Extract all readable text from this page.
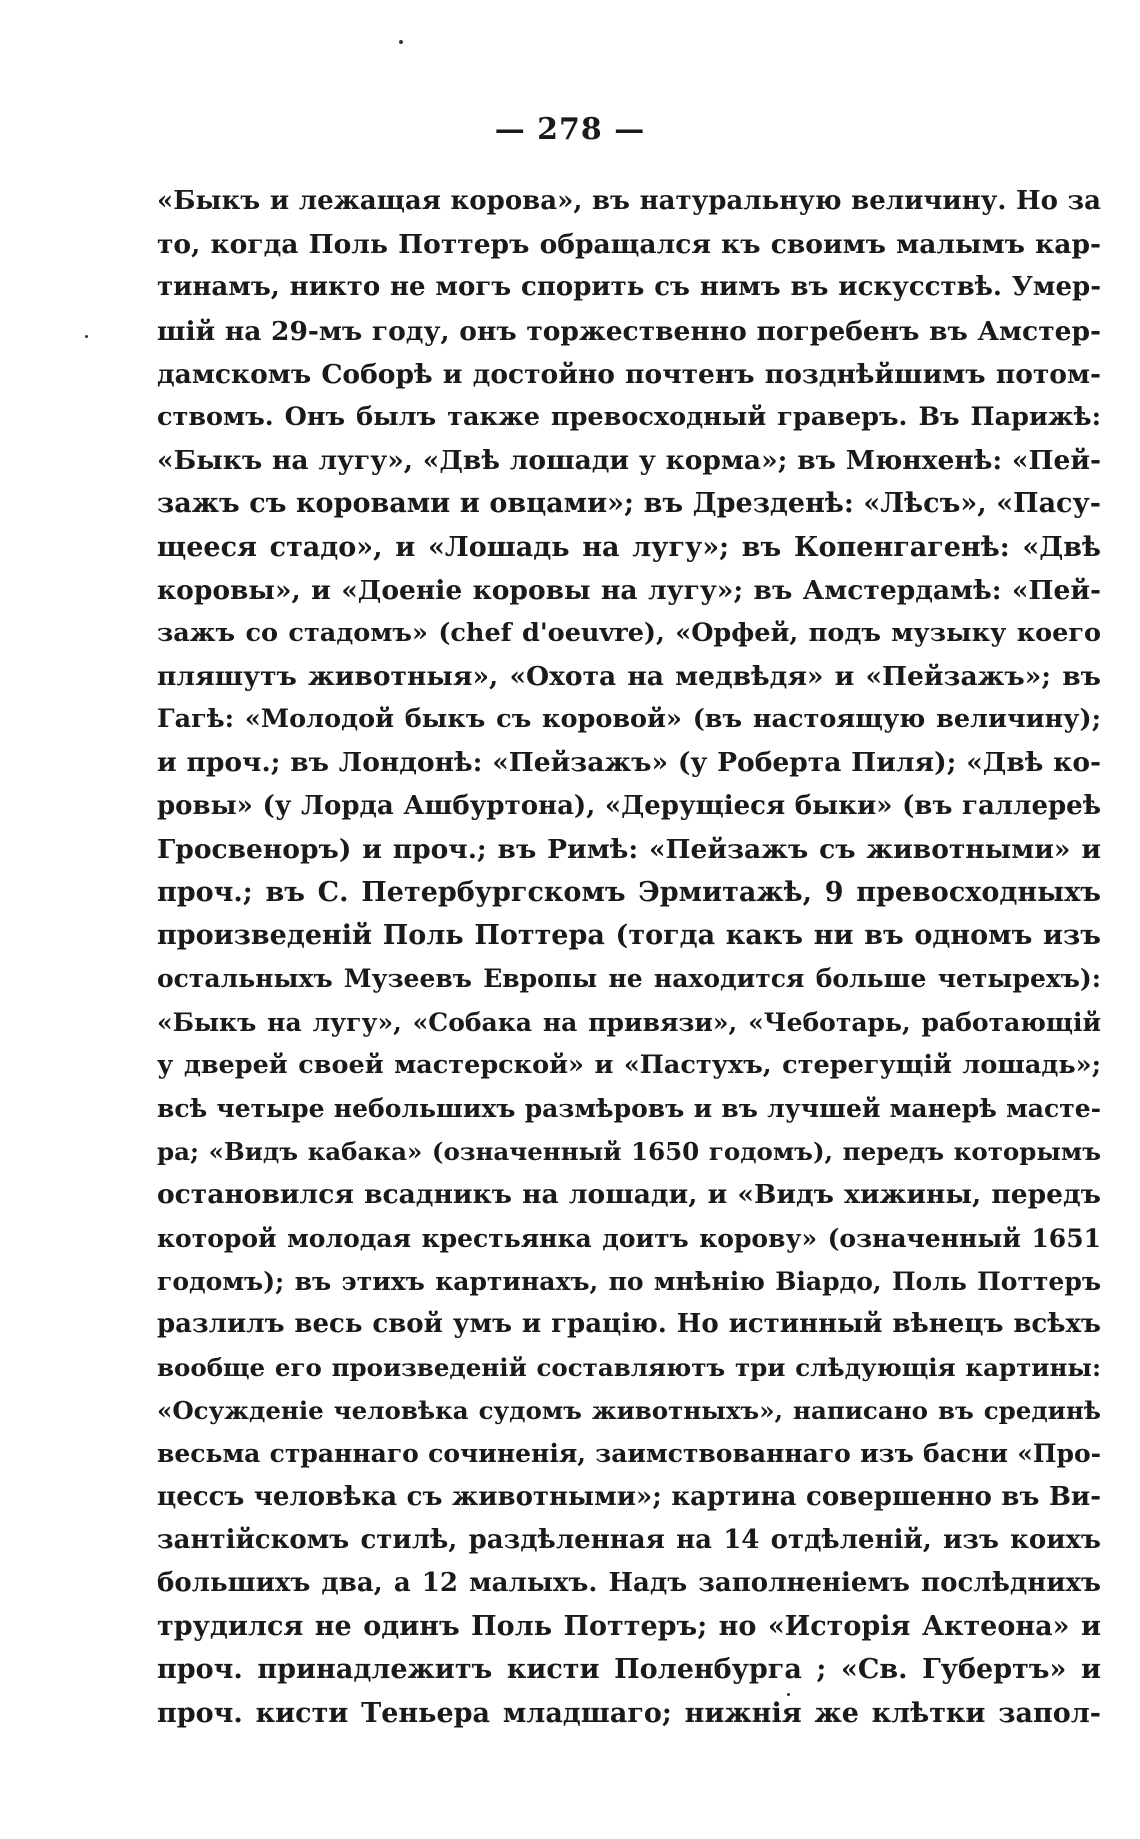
— 278 —
«Быкъ и лежащая корова», въ натуральную величину. Но за
то, когда Поль Поттеръ обращался къ своимъ малымъ кар-
тинамъ, никто не могъ спорить съ нимъ въ искусствѣ. Умер-
шій на 29-мъ году, онъ торжественно погребенъ въ Амстер-
дамскомъ Соборѣ и достойно почтенъ позднѣйшимъ потом-
ствомъ. Онъ былъ также превосходный граверъ. Въ Парижѣ:
«Быкъ на лугу», «Двѣ лошади у корма»; въ Мюнхенѣ: «Пей-
зажъ съ коровами и овцами»; въ Дрезденѣ: «Лѣсъ», «Пасу-
щееся стадо», и «Лошадь на лугу»; въ Копенгагенѣ: «Двѣ
коровы», и «Доеніе коровы на лугу»; въ Амстердамѣ: «Пей-
зажъ со стадомъ» (chef d'oeuvre), «Орфей, подъ музыку коего
пляшутъ животныя», «Охота на медвѣдя» и «Пейзажъ»; въ
Гагѣ: «Молодой быкъ съ коровой» (въ настоящую величину);
и проч.; въ Лондонѣ: «Пейзажъ» (у Роберта Пиля); «Двѣ ко-
ровы» (у Лорда Ашбуртона), «Дерущіеся быки» (въ галлереѣ
Гросвеноръ) и проч.; въ Римѣ: «Пейзажъ съ животными» и
проч.; въ С. Петербургскомъ Эрмитажѣ, 9 превосходныхъ
произведеній Поль Поттера (тогда какъ ни въ одномъ изъ
остальныхъ Музеевъ Европы не находится больше четырехъ):
«Быкъ на лугу», «Собака на привязи», «Чеботарь, работающій
у дверей своей мастерской» и «Пастухъ, стерегущій лошадь»;
всѣ четыре небольшихъ размѣровъ и въ лучшей манерѣ масте-
ра; «Видъ кабака» (означенный 1650 годомъ), передъ которымъ
остановился всадникъ на лошади, и «Видъ хижины, передъ
которой молодая крестьянка доитъ корову» (означенный 1651
годомъ); въ этихъ картинахъ, по мнѣнію Віардо, Поль Поттеръ
разлилъ весь свой умъ и грацію. Но истинный вѣнецъ всѣхъ
вообще его произведеній составляютъ три слѣдующія картины:
«Осужденіе человѣка судомъ животныхъ», написано въ срединѣ
весьма страннаго сочиненія, заимствованнаго изъ басни «Про-
цессъ человѣка съ животными»; картина совершенно въ Ви-
зантійскомъ стилѣ, раздѣленная на 14 отдѣленій, изъ коихъ
большихъ два, а 12 малыхъ. Надъ заполненіемъ послѣднихъ
трудился не одинъ Поль Поттеръ; но «Исторія Актеона» и
проч. принадлежитъ кисти Поленбурга ; «Св. Губертъ» и
проч. кисти Теньера младшаго; нижнія же клѣтки запол-
